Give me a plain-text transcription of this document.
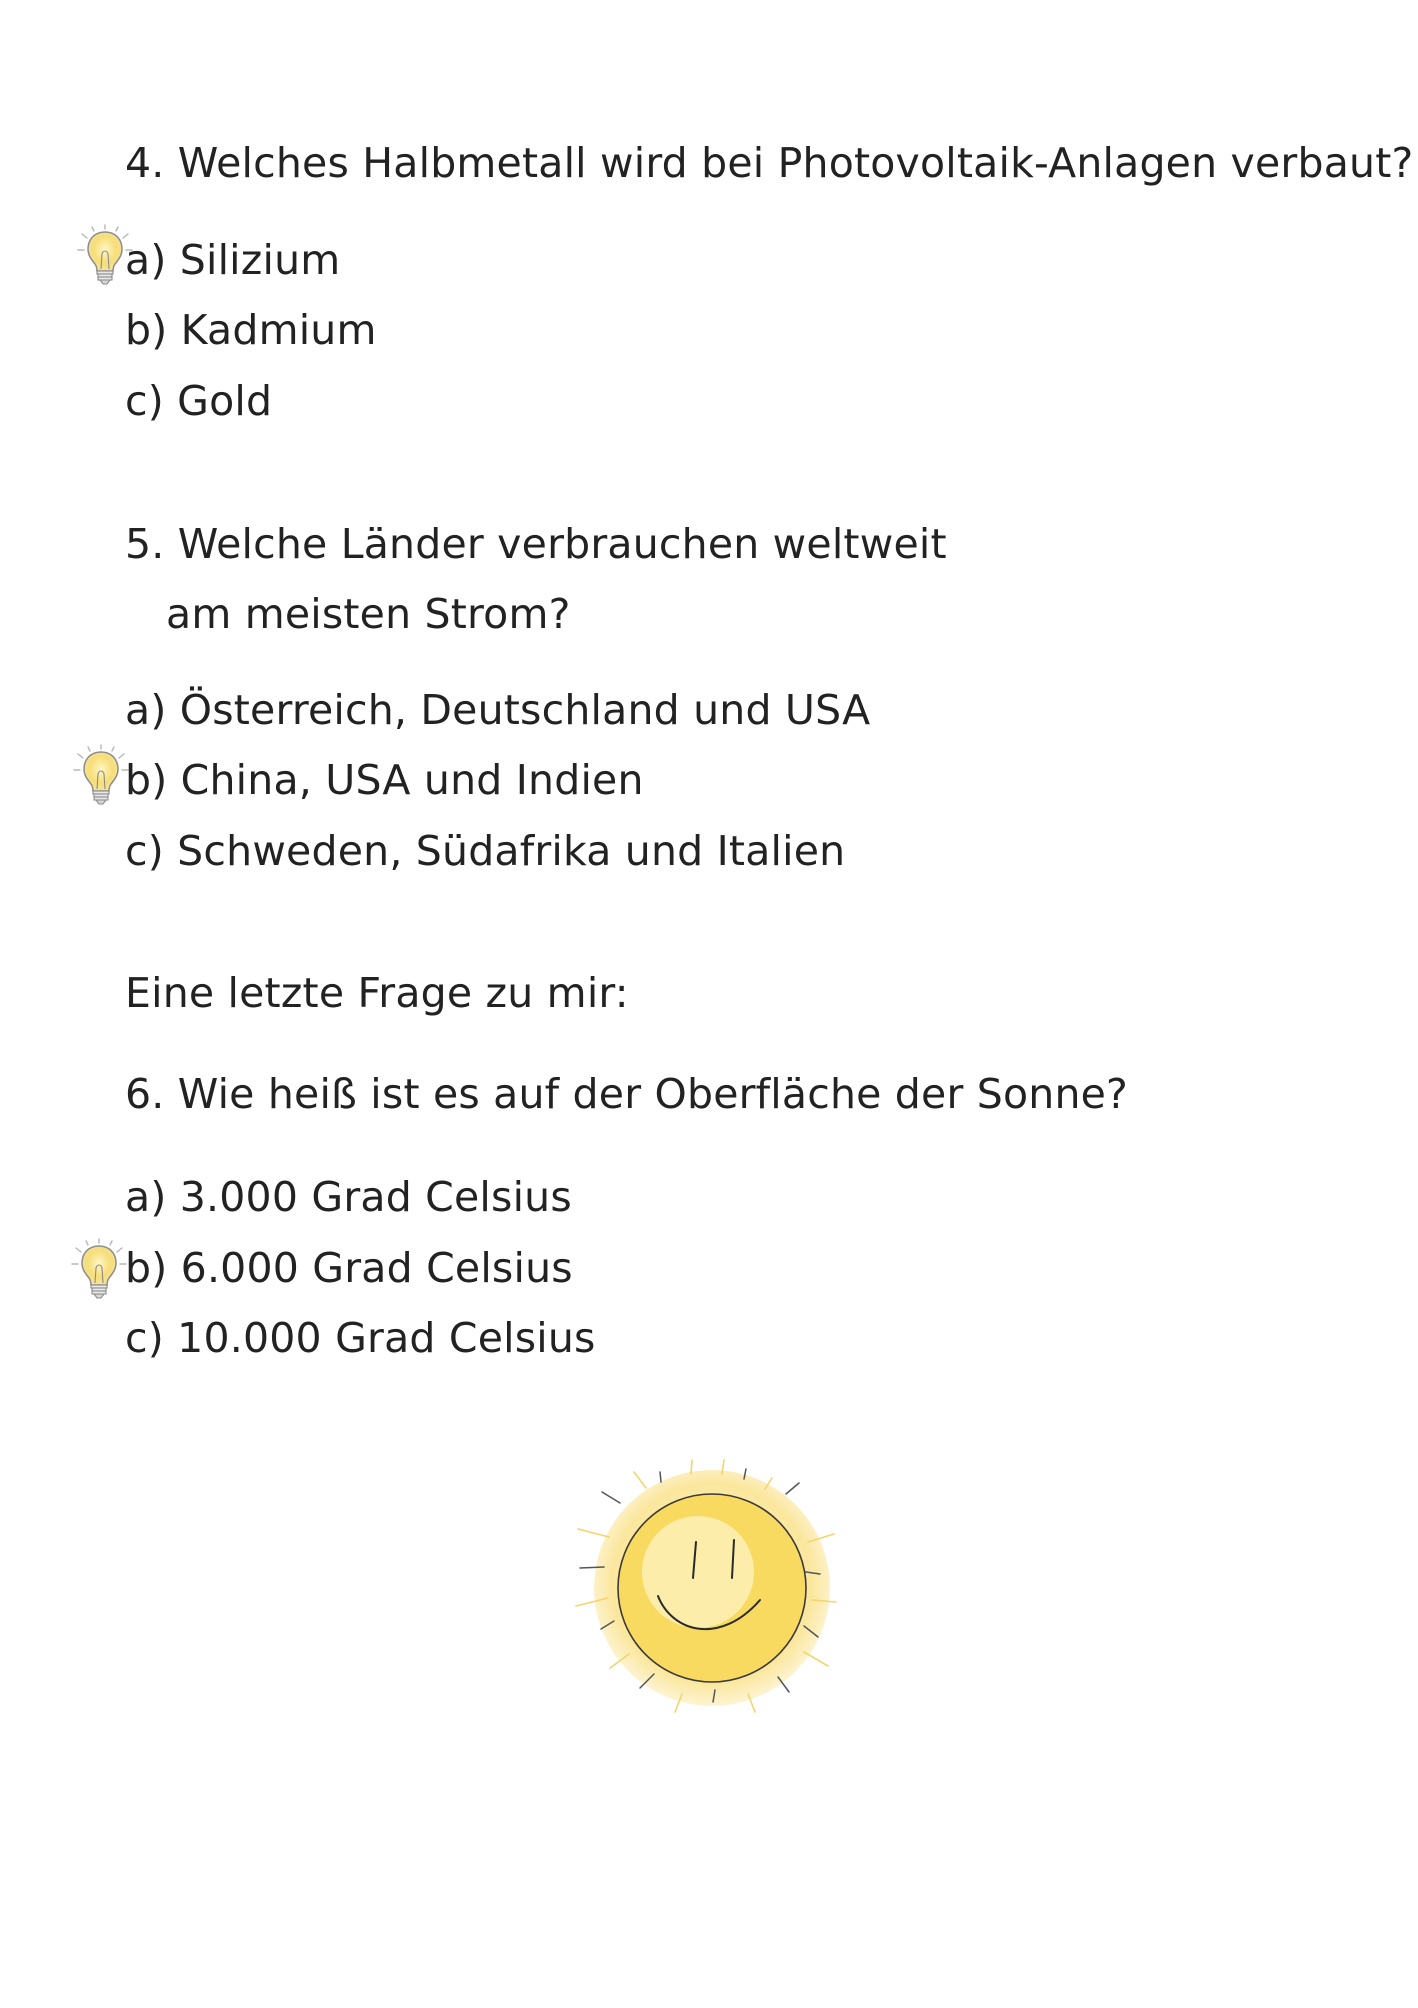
4. Welches Halbmetall wird bei Photovoltaik-Anlagen verbaut?
a) Silizium
b) Kadmium
c) Gold
5. Welche Länder verbrauchen weltweit
am meisten Strom?
a) Österreich, Deutschland und USA
b) China, USA und Indien
c) Schweden, Südafrika und Italien
Eine letzte Frage zu mir:
6. Wie heiß ist es auf der Oberfläche der Sonne?
a) 3.000 Grad Celsius
b) 6.000 Grad Celsius
c) 10.000 Grad Celsius
